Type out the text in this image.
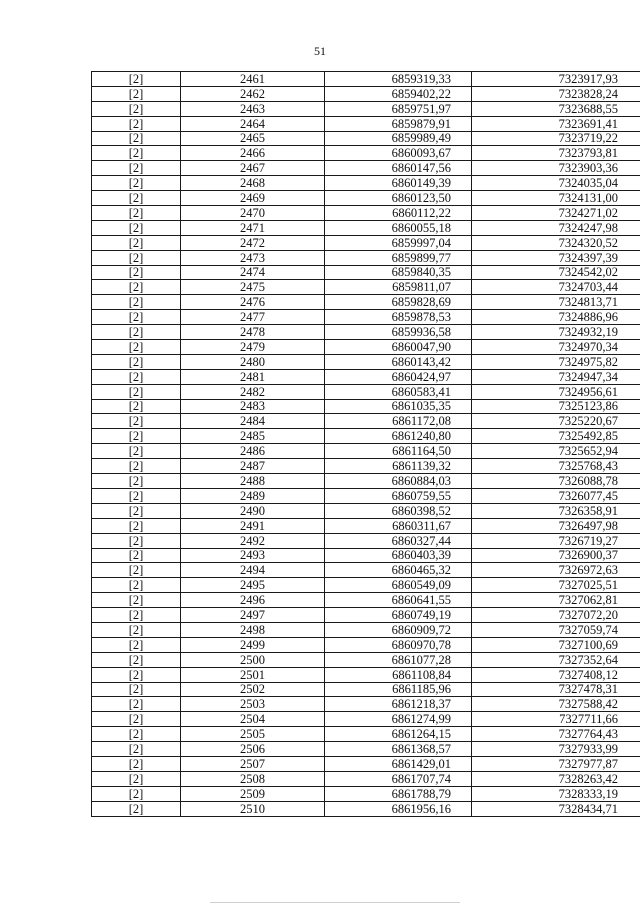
51
[2]	2461	6859319,33	7323917,93
[2]	2462	6859402,22	7323828,24
[2]	2463	6859751,97	7323688,55
[2]	2464	6859879,91	7323691,41
[2]	2465	6859989,49	7323719,22
[2]	2466	6860093,67	7323793,81
[2]	2467	6860147,56	7323903,36
[2]	2468	6860149,39	7324035,04
[2]	2469	6860123,50	7324131,00
[2]	2470	6860112,22	7324271,02
[2]	2471	6860055,18	7324247,98
[2]	2472	6859997,04	7324320,52
[2]	2473	6859899,77	7324397,39
[2]	2474	6859840,35	7324542,02
[2]	2475	6859811,07	7324703,44
[2]	2476	6859828,69	7324813,71
[2]	2477	6859878,53	7324886,96
[2]	2478	6859936,58	7324932,19
[2]	2479	6860047,90	7324970,34
[2]	2480	6860143,42	7324975,82
[2]	2481	6860424,97	7324947,34
[2]	2482	6860583,41	7324956,61
[2]	2483	6861035,35	7325123,86
[2]	2484	6861172,08	7325220,67
[2]	2485	6861240,80	7325492,85
[2]	2486	6861164,50	7325652,94
[2]	2487	6861139,32	7325768,43
[2]	2488	6860884,03	7326088,78
[2]	2489	6860759,55	7326077,45
[2]	2490	6860398,52	7326358,91
[2]	2491	6860311,67	7326497,98
[2]	2492	6860327,44	7326719,27
[2]	2493	6860403,39	7326900,37
[2]	2494	6860465,32	7326972,63
[2]	2495	6860549,09	7327025,51
[2]	2496	6860641,55	7327062,81
[2]	2497	6860749,19	7327072,20
[2]	2498	6860909,72	7327059,74
[2]	2499	6860970,78	7327100,69
[2]	2500	6861077,28	7327352,64
[2]	2501	6861108,84	7327408,12
[2]	2502	6861185,96	7327478,31
[2]	2503	6861218,37	7327588,42
[2]	2504	6861274,99	7327711,66
[2]	2505	6861264,15	7327764,43
[2]	2506	6861368,57	7327933,99
[2]	2507	6861429,01	7327977,87
[2]	2508	6861707,74	7328263,42
[2]	2509	6861788,79	7328333,19
[2]	2510	6861956,16	7328434,71
